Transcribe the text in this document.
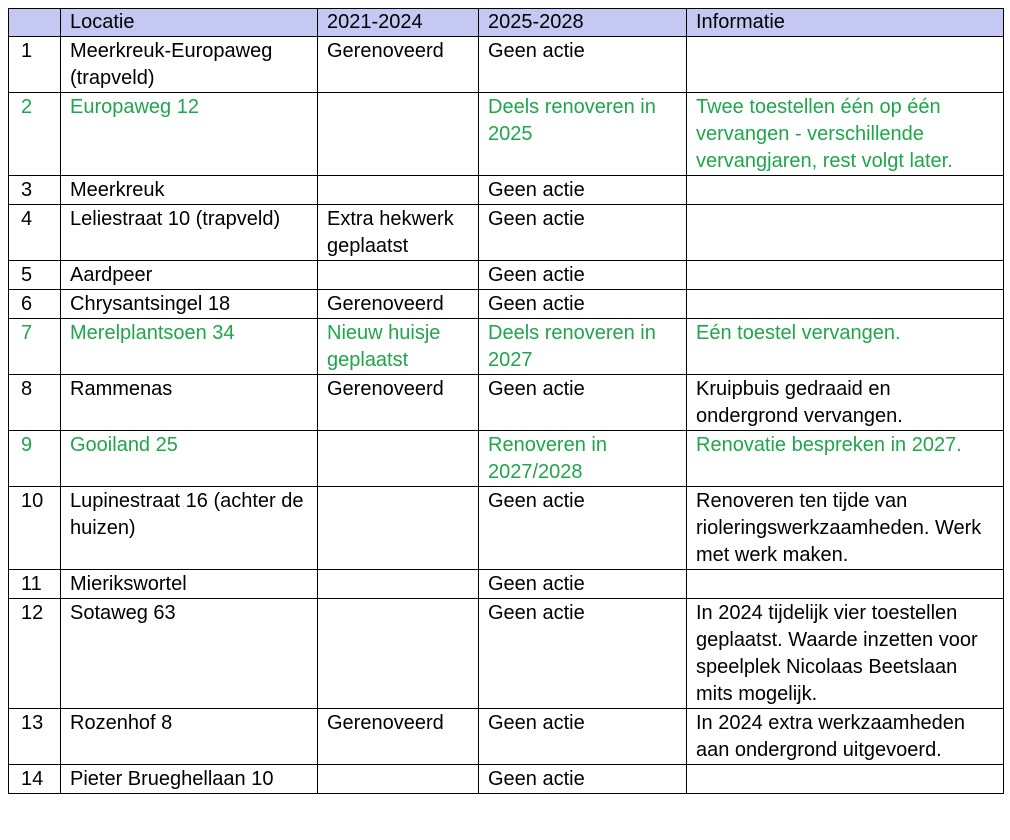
	Locatie	2021-2024	2025-2028	Informatie
1	Meerkreuk-Europaweg (trapveld)	Gerenoveerd	Geen actie	
2	Europaweg 12		Deels renoveren in 2025	Twee toestellen één op één vervangen - verschillende vervangjaren, rest volgt later.
3	Meerkreuk		Geen actie	
4	Leliestraat 10 (trapveld)	Extra hekwerk geplaatst	Geen actie	
5	Aardpeer		Geen actie	
6	Chrysantsingel 18	Gerenoveerd	Geen actie	
7	Merelplantsoen 34	Nieuw huisje geplaatst	Deels renoveren in 2027	Eén toestel vervangen.
8	Rammenas	Gerenoveerd	Geen actie	Kruipbuis gedraaid en ondergrond vervangen.
9	Gooiland 25		Renoveren in 2027/2028	Renovatie bespreken in 2027.
10	Lupinestraat 16 (achter de huizen)		Geen actie	Renoveren ten tijde van rioleringswerkzaamheden. Werk met werk maken.
11	Mierikswortel		Geen actie	
12	Sotaweg 63		Geen actie	In 2024 tijdelijk vier toestellen geplaatst. Waarde inzetten voor speelplek Nicolaas Beetslaan mits mogelijk.
13	Rozenhof 8	Gerenoveerd	Geen actie	In 2024 extra werkzaamheden aan ondergrond uitgevoerd.
14	Pieter Brueghellaan 10		Geen actie	
